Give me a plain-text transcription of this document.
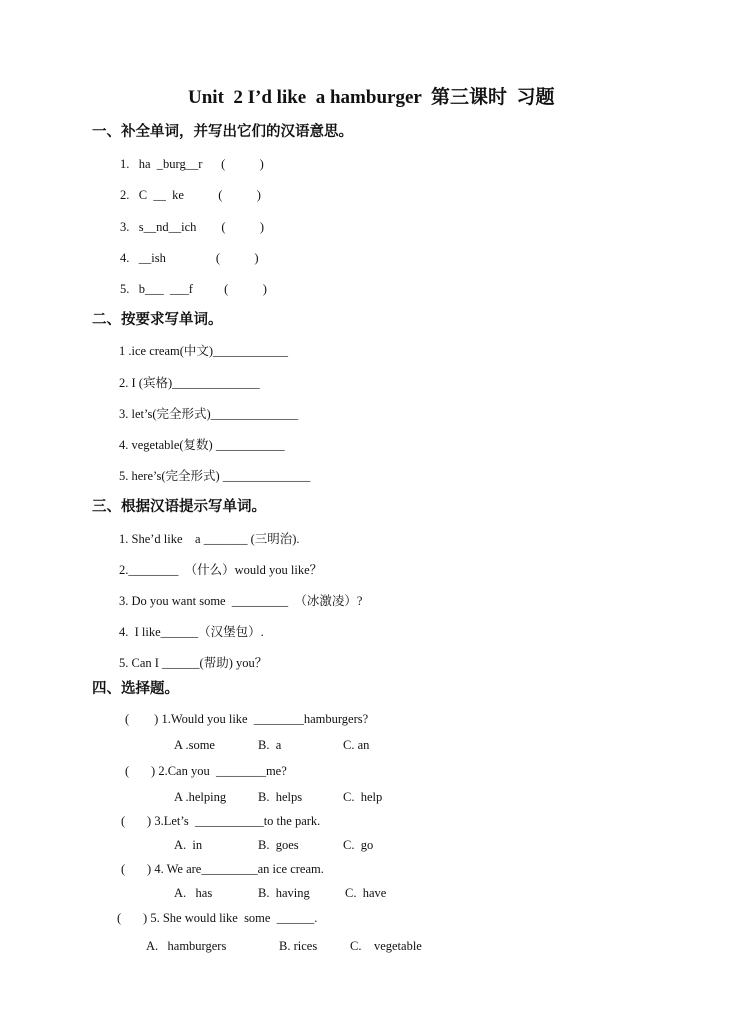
Unit  2 I’d like  a hamburger  第三课时  习题
一、补全单词，并写出它们的汉语意思。
1.   ha  _burg__r      (           )
2.   C  __  ke           (           )
3.   s__nd__ich        (           )
4.   __ish                (           )
5.   b___  ___f          (           )
二、按要求写单词。
1 .ice cream(中文)____________
2. I (宾格)______________
3. let’s(完全形式)______________
4. vegetable(复数) ___________
5. here’s(完全形式) ______________
三、根据汉语提示写单词。
1. She’d like    a _______ (三明治).
2.________  （什么）would you like？
3. Do you want some  _________  （冰激凌）?
4.  I like______（汉堡包）.
5. Can I ______(帮助) you？
四、选择题。
(        ) 1.Would you like  ________hamburgers?
A .some	B.  a	C. an
(       ) 2.Can you  ________me?
A .helping	B.  helps	C.  help
(       ) 3.Let’s  ___________to the park.
A.  in	B.  goes	C.  go
(       ) 4. We are_________an ice cream.
A.   has	B.  having	C.  have
(       ) 5. She would like  some  ______.
A.   hamburgers	B. rices	C.    vegetable
